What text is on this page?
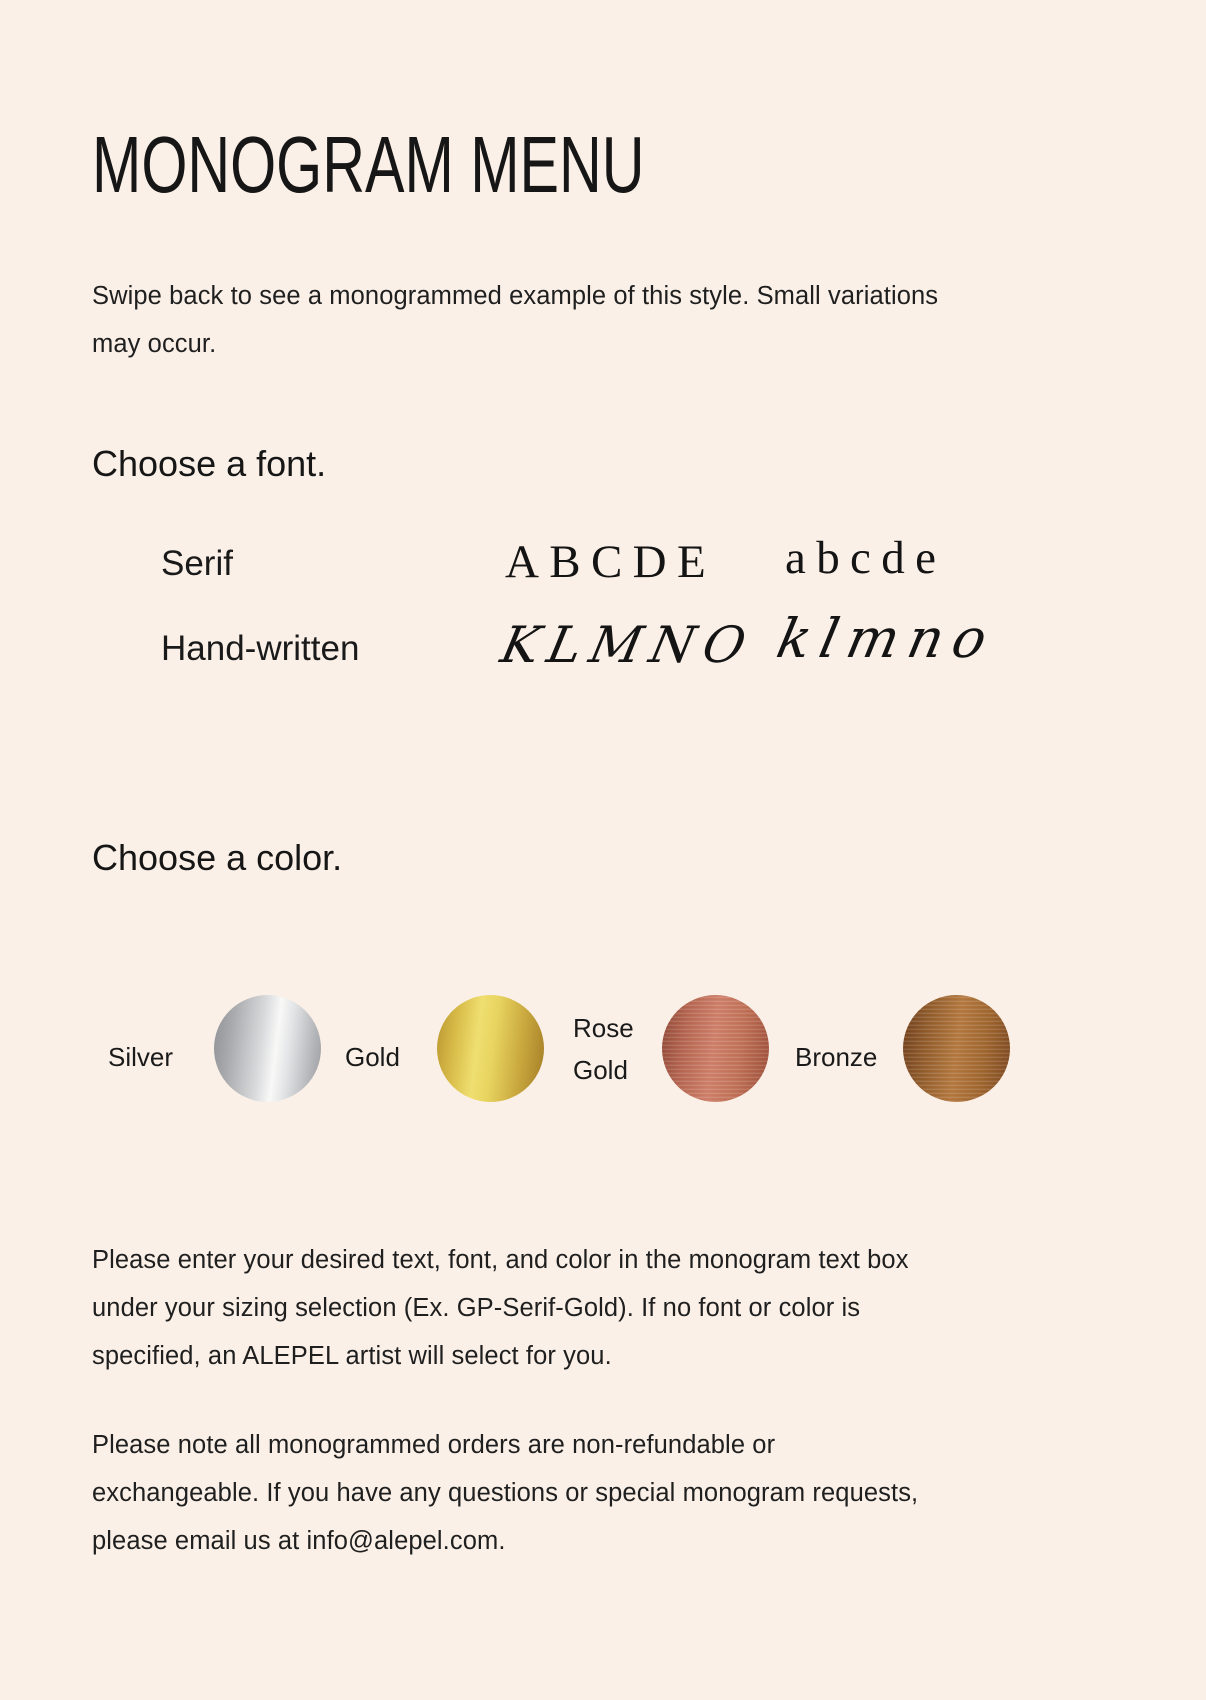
MONOGRAM MENU
Swipe back to see a monogrammed example of this style. Small variations
may occur.
Choose a font.
Serif	ABCDE abcde
Hand-written	KLMNO klmno
Choose a color.
Silver	Gold
Rose Gold	Bronze
Please enter your desired text, font, and color in the monogram text box
under your sizing selection (Ex. GP-Serif-Gold). If no font or color is
specified, an ALEPEL artist will select for you.
Please note all monogrammed orders are non-refundable or
exchangeable. If you have any questions or special monogram requests,
please email us at info@alepel.com.
